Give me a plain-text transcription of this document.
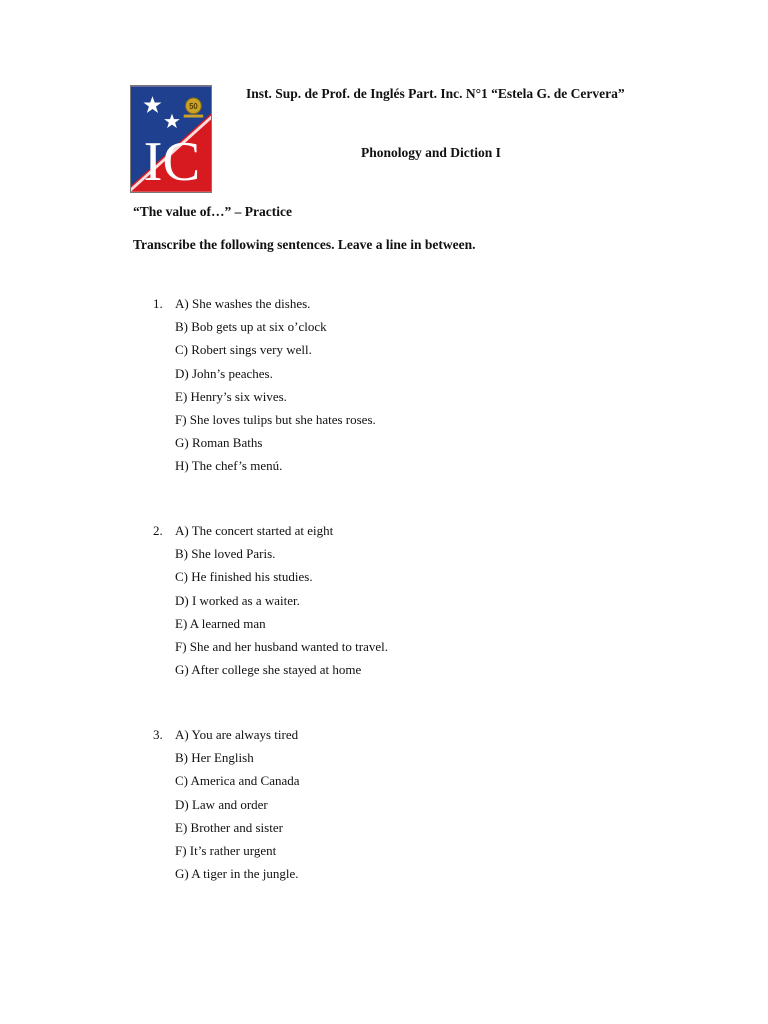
50
IC
Inst. Sup. de Prof. de Inglés Part. Inc. N°1 “Estela G. de Cervera”
Phonology and Diction I
“The value of…” – Practice
Transcribe the following sentences. Leave a line in between.
1. A) She washes the dishes.
B) Bob gets up at six o’clock
C) Robert sings very well.
D) John’s peaches.
E) Henry’s six wives.
F) She loves tulips but she hates roses.
G) Roman Baths
H) The chef’s menú.
2. A) The concert started at eight
B) She loved Paris.
C) He finished his studies.
D) I worked as a waiter.
E) A learned man
F) She and her husband wanted to travel.
G) After college she stayed at home
3. A) You are always tired
B) Her English
C) America and Canada
D) Law and order
E) Brother and sister
F) It’s rather urgent
G) A tiger in the jungle.
